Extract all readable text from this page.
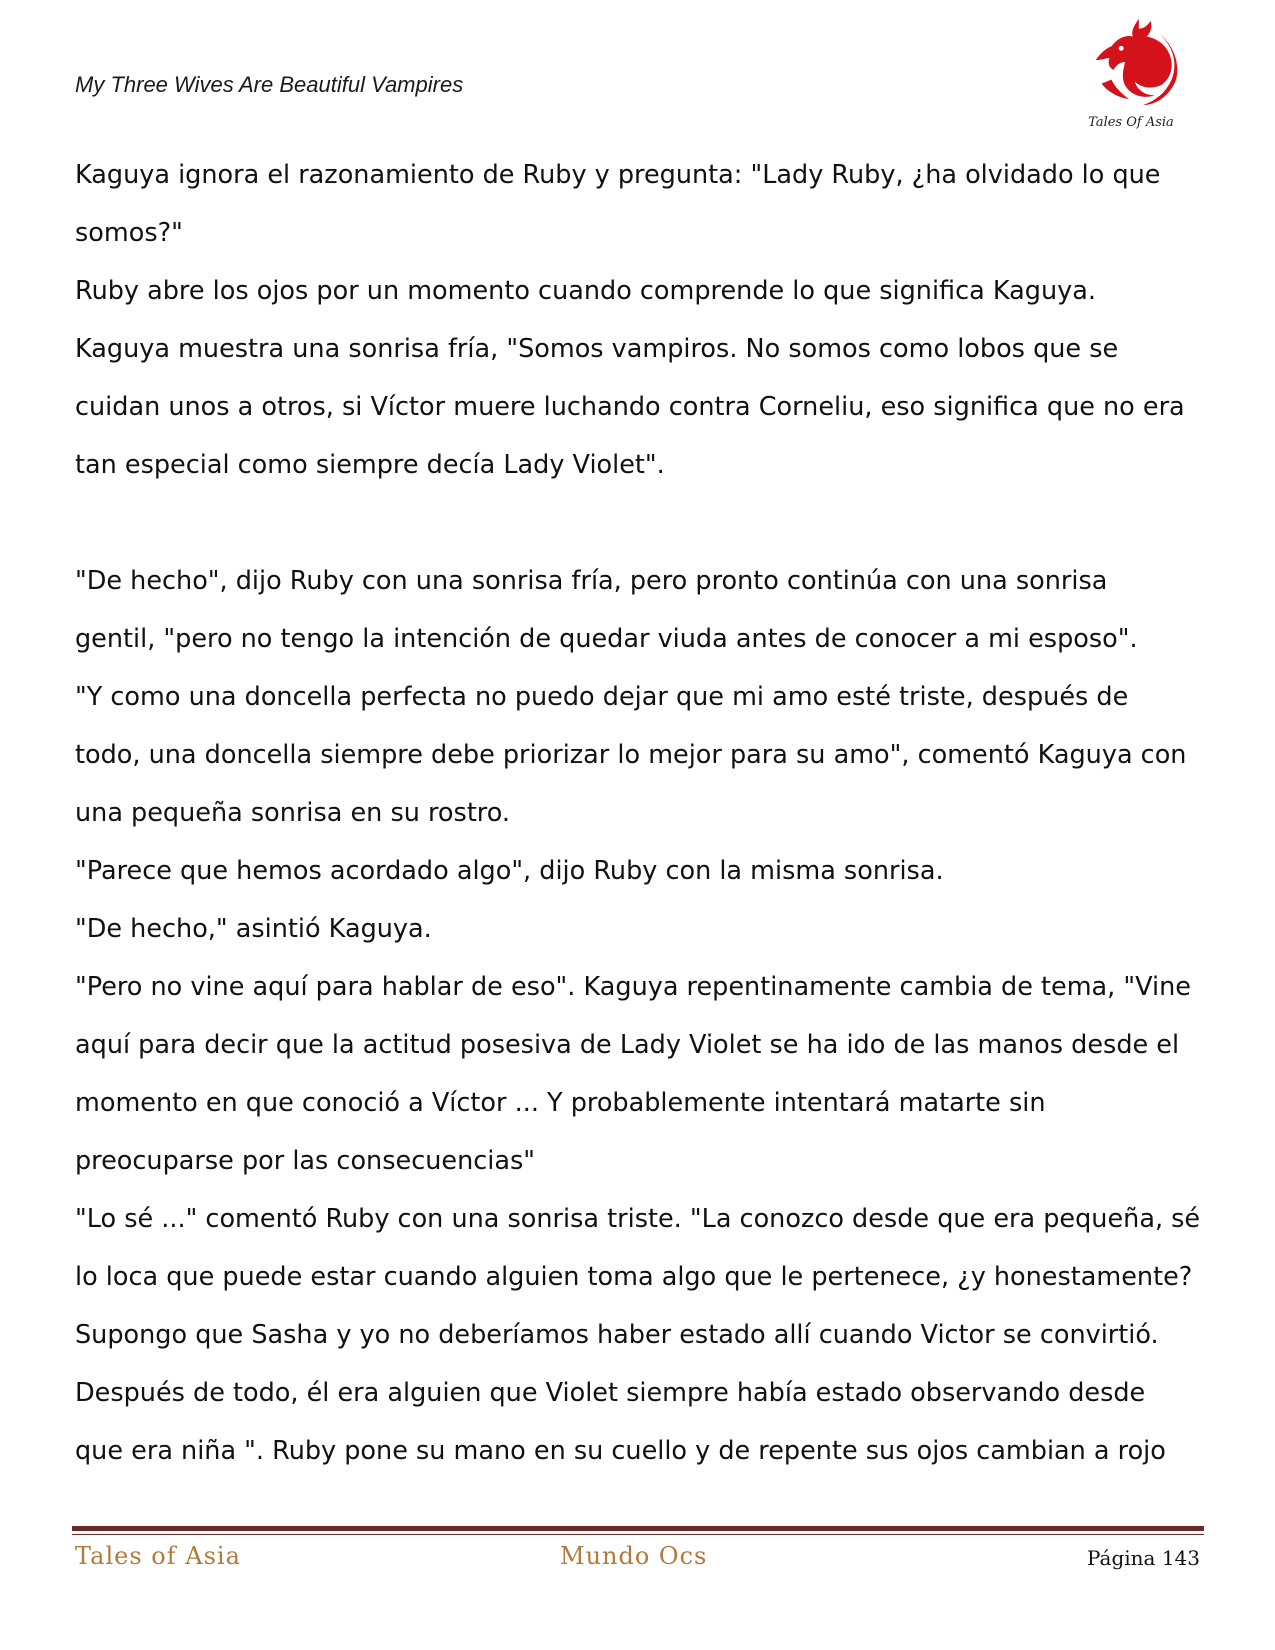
My Three Wives Are Beautiful Vampires
Tales Of Asia
Kaguya ignora el razonamiento de Ruby y pregunta: "Lady Ruby, ¿ha olvidado lo que
somos?"
Ruby abre los ojos por un momento cuando comprende lo que significa Kaguya.
Kaguya muestra una sonrisa fría, "Somos vampiros. No somos como lobos que se
cuidan unos a otros, si Víctor muere luchando contra Corneliu, eso significa que no era
tan especial como siempre decía Lady Violet".
"De hecho", dijo Ruby con una sonrisa fría, pero pronto continúa con una sonrisa
gentil, "pero no tengo la intención de quedar viuda antes de conocer a mi esposo".
"Y como una doncella perfecta no puedo dejar que mi amo esté triste, después de
todo, una doncella siempre debe priorizar lo mejor para su amo", comentó Kaguya con
una pequeña sonrisa en su rostro.
"Parece que hemos acordado algo", dijo Ruby con la misma sonrisa.
"De hecho," asintió Kaguya.
"Pero no vine aquí para hablar de eso". Kaguya repentinamente cambia de tema, "Vine
aquí para decir que la actitud posesiva de Lady Violet se ha ido de las manos desde el
momento en que conoció a Víctor ... Y probablemente intentará matarte sin
preocuparse por las consecuencias"
"Lo sé ..." comentó Ruby con una sonrisa triste. "La conozco desde que era pequeña, sé
lo loca que puede estar cuando alguien toma algo que le pertenece, ¿y honestamente?
Supongo que Sasha y yo no deberíamos haber estado allí cuando Victor se convirtió.
Después de todo, él era alguien que Violet siempre había estado observando desde
que era niña ". Ruby pone su mano en su cuello y de repente sus ojos cambian a rojo
Tales of Asia	Mundo Ocs	Página 143
